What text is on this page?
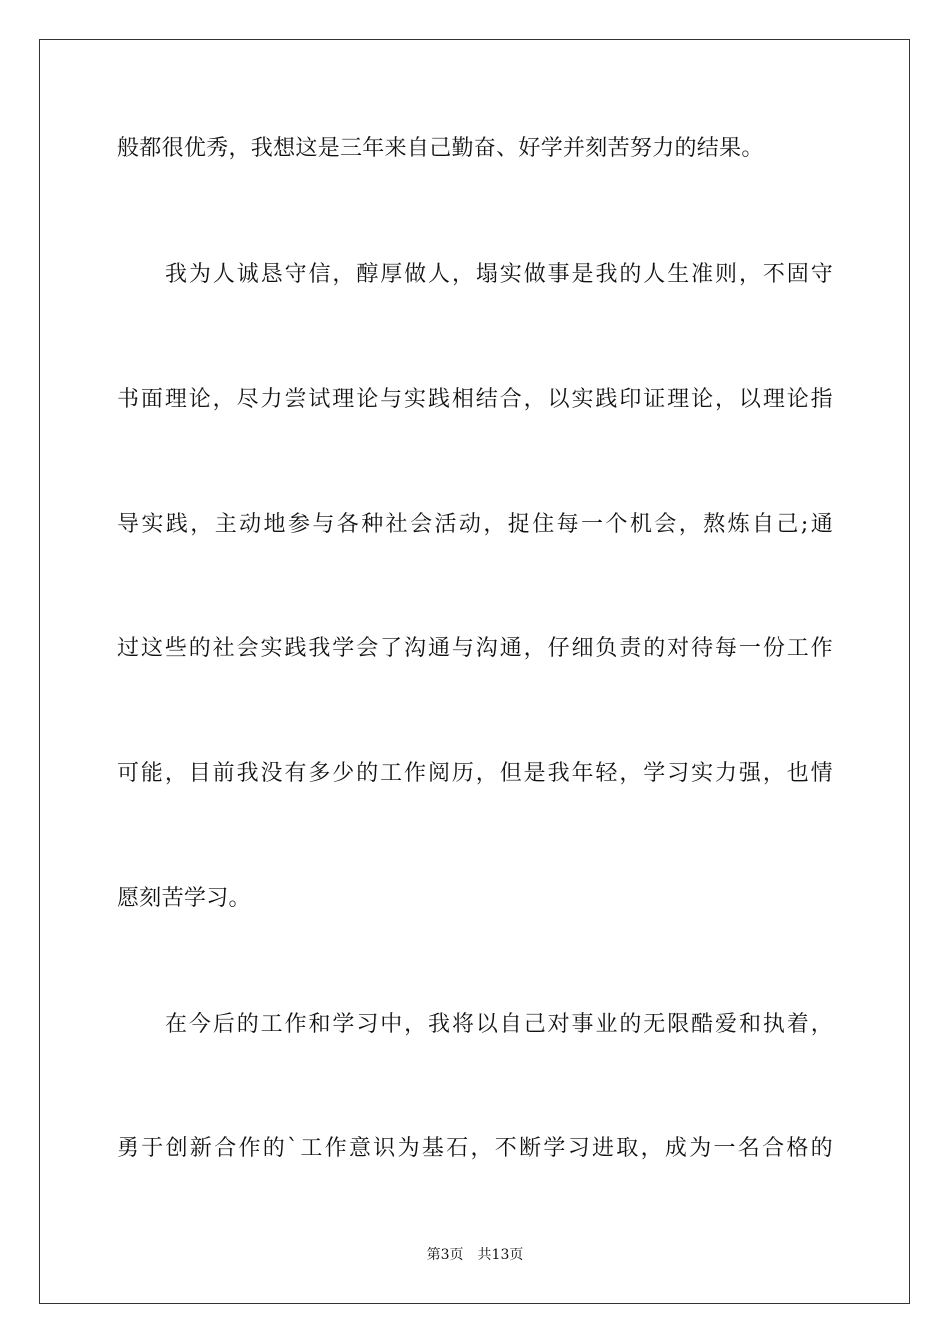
般都很优秀，我想这是三年来自己勤奋、好学并刻苦努力的结果。
我为人诚恳守信，醇厚做人，塌实做事是我的人生准则，不固守
书面理论，尽力尝试理论与实践相结合，以实践印证理论，以理论指
导实践，主动地参与各种社会活动，捉住每一个机会，熬炼自己;通
过这些的社会实践我学会了沟通与沟通，仔细负责的对待每一份工作
可能，目前我没有多少的工作阅历，但是我年轻，学习实力强，也情
愿刻苦学习。
在今后的工作和学习中，我将以自己对事业的无限酷爱和执着，
勇于创新合作的`工作意识为基石，不断学习进取，成为一名合格的
第3页 共13页
